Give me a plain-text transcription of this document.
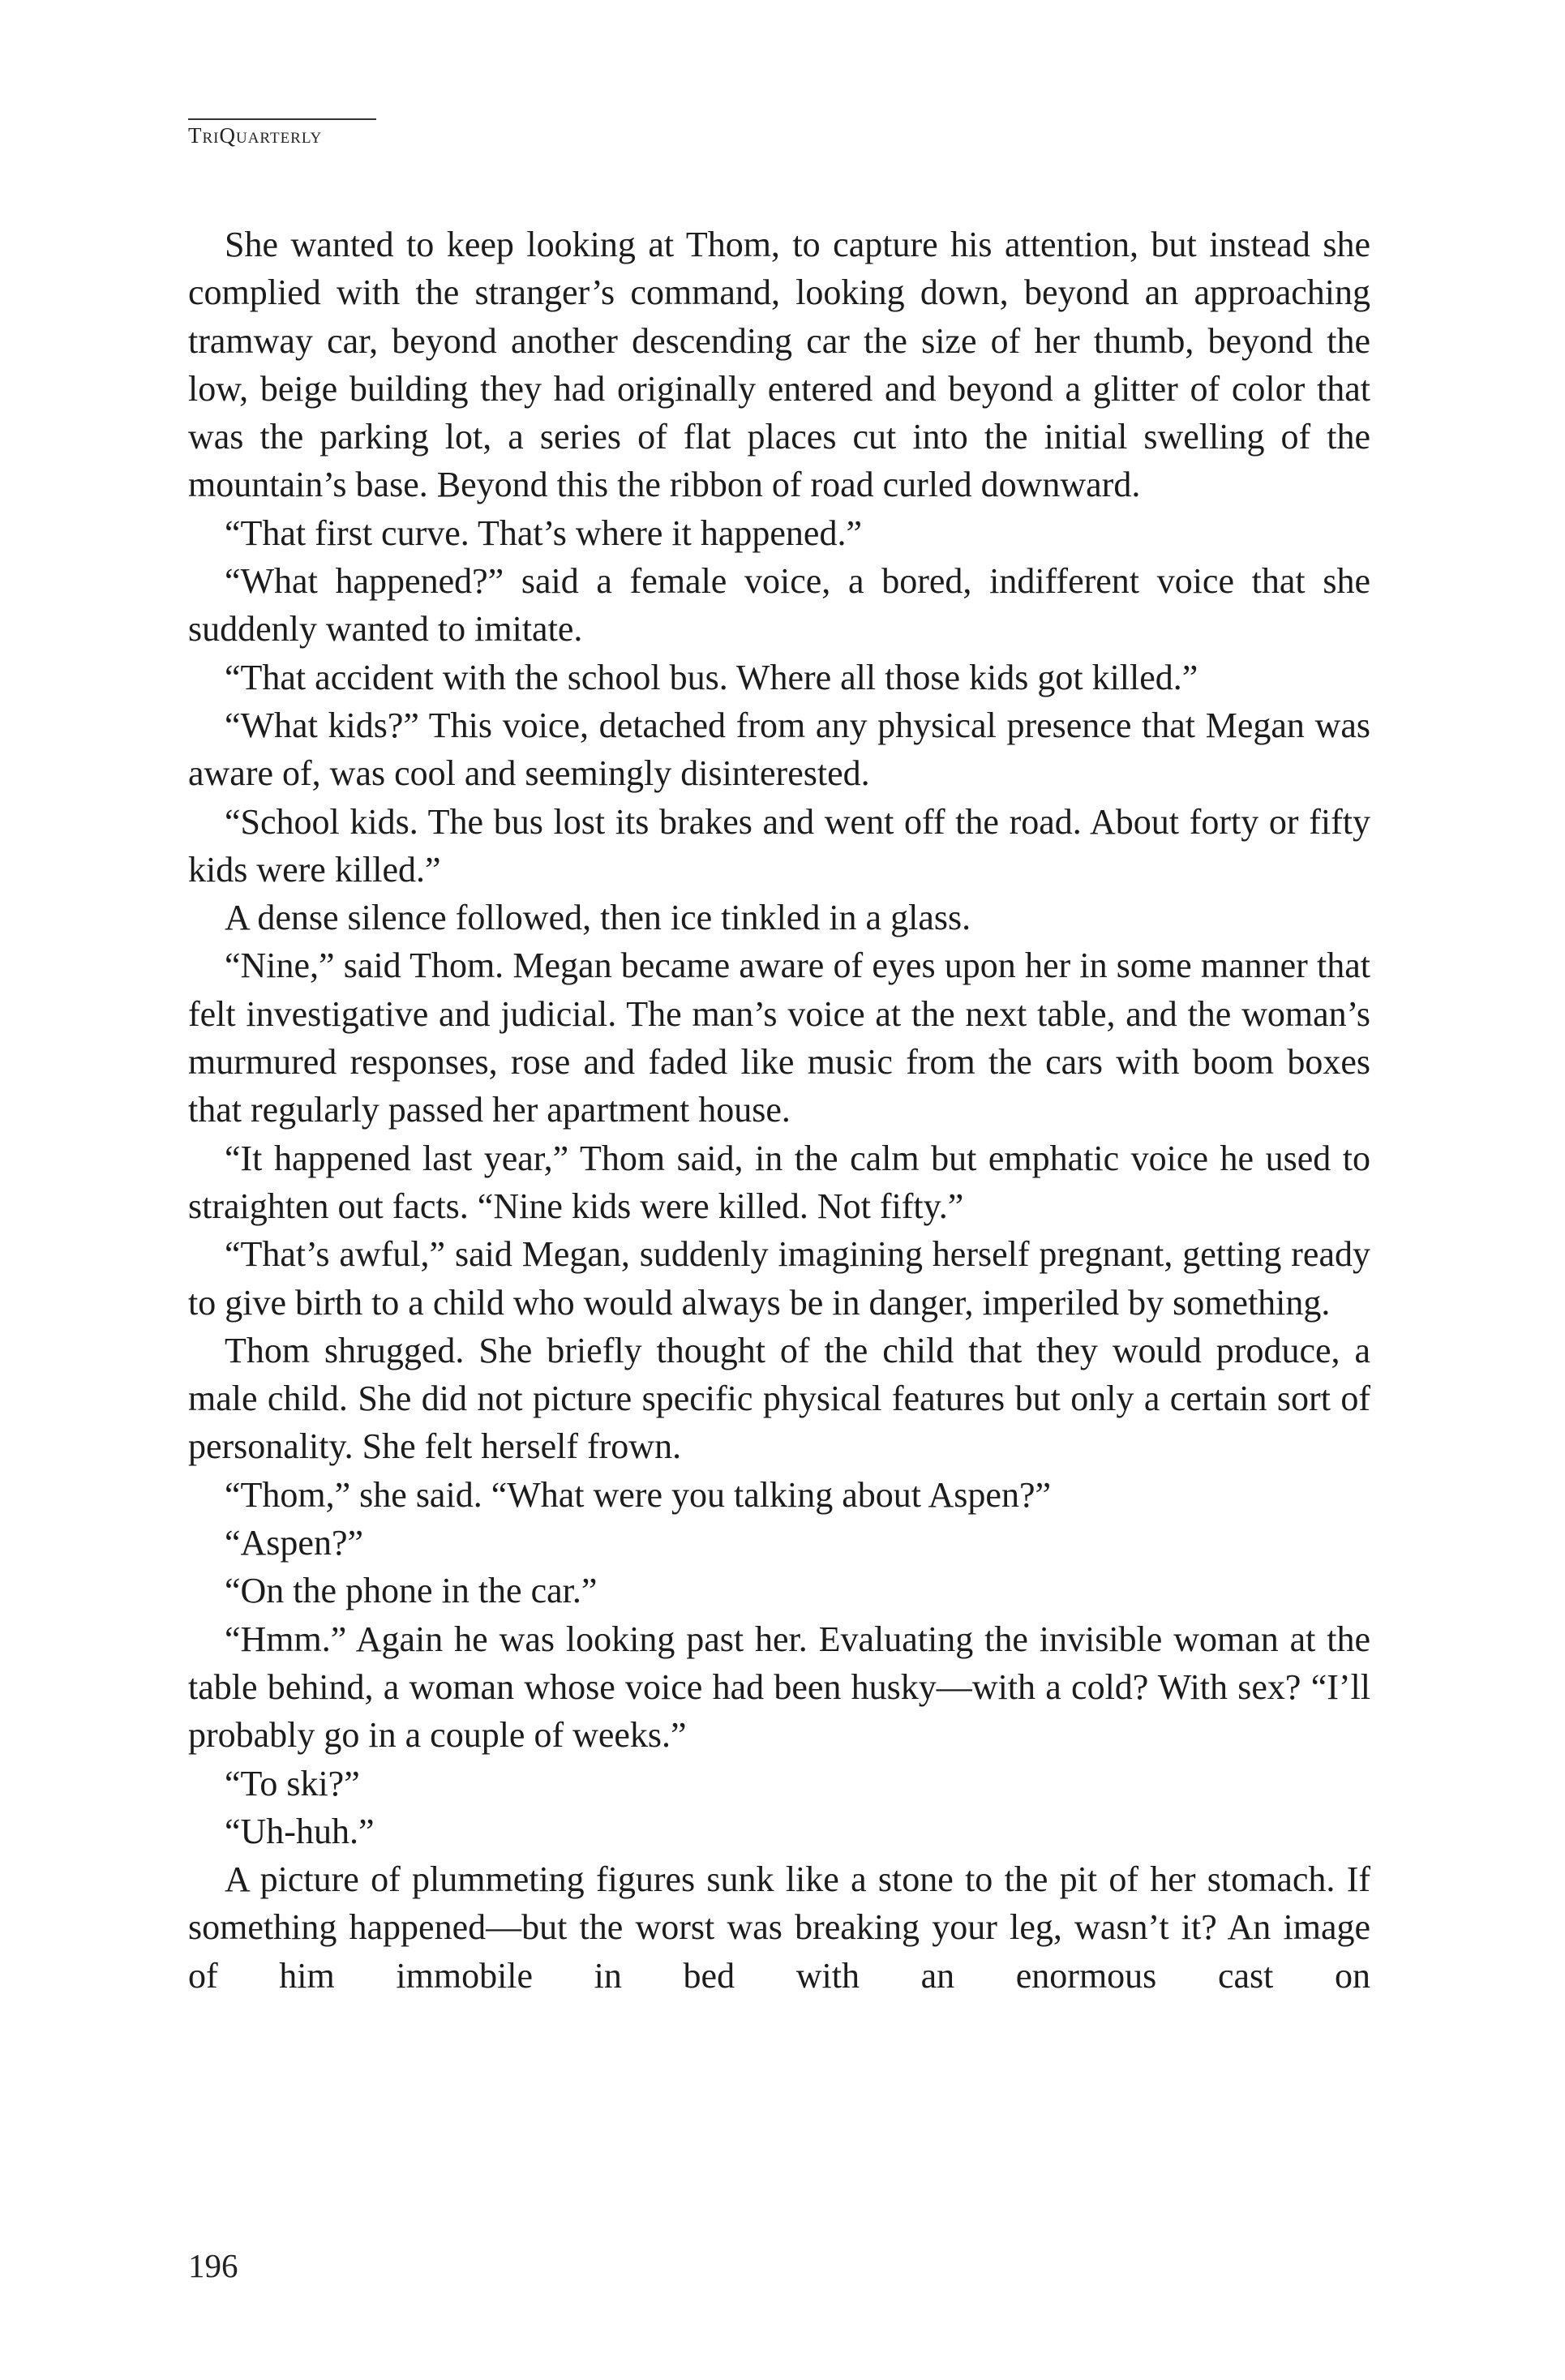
TriQuarterly

She wanted to keep looking at Thom, to capture his attention, but instead she complied with the stranger’s command, looking down, beyond an approaching tramway car, beyond another descending car the size of her thumb, beyond the low, beige building they had originally entered and beyond a glitter of color that was the parking lot, a series of flat places cut into the initial swelling of the mountain’s base. Beyond this the ribbon of road curled downward.

“That first curve. That’s where it happened.”

“What happened?” said a female voice, a bored, indifferent voice that she suddenly wanted to imitate.

“That accident with the school bus. Where all those kids got killed.”

“What kids?” This voice, detached from any physical presence that Megan was aware of, was cool and seemingly disinterested.

“School kids. The bus lost its brakes and went off the road. About forty or fifty kids were killed.”

A dense silence followed, then ice tinkled in a glass.

“Nine,” said Thom. Megan became aware of eyes upon her in some manner that felt investigative and judicial. The man’s voice at the next table, and the woman’s murmured responses, rose and faded like music from the cars with boom boxes that regularly passed her apartment house.

“It happened last year,” Thom said, in the calm but emphatic voice he used to straighten out facts. “Nine kids were killed. Not fifty.”

“That’s awful,” said Megan, suddenly imagining herself pregnant, getting ready to give birth to a child who would always be in danger, imperiled by something.

Thom shrugged. She briefly thought of the child that they would produce, a male child. She did not picture specific physical features but only a certain sort of personality. She felt herself frown.

“Thom,” she said. “What were you talking about Aspen?”

“Aspen?”

“On the phone in the car.”

“Hmm.” Again he was looking past her. Evaluating the invisible woman at the table behind, a woman whose voice had been husky—with a cold? With sex? “I’ll probably go in a couple of weeks.”

“To ski?”

“Uh-huh.”

A picture of plummeting figures sunk like a stone to the pit of her stomach. If something happened—but the worst was breaking your leg, wasn’t it? An image of him immobile in bed with an enormous cast on

196
